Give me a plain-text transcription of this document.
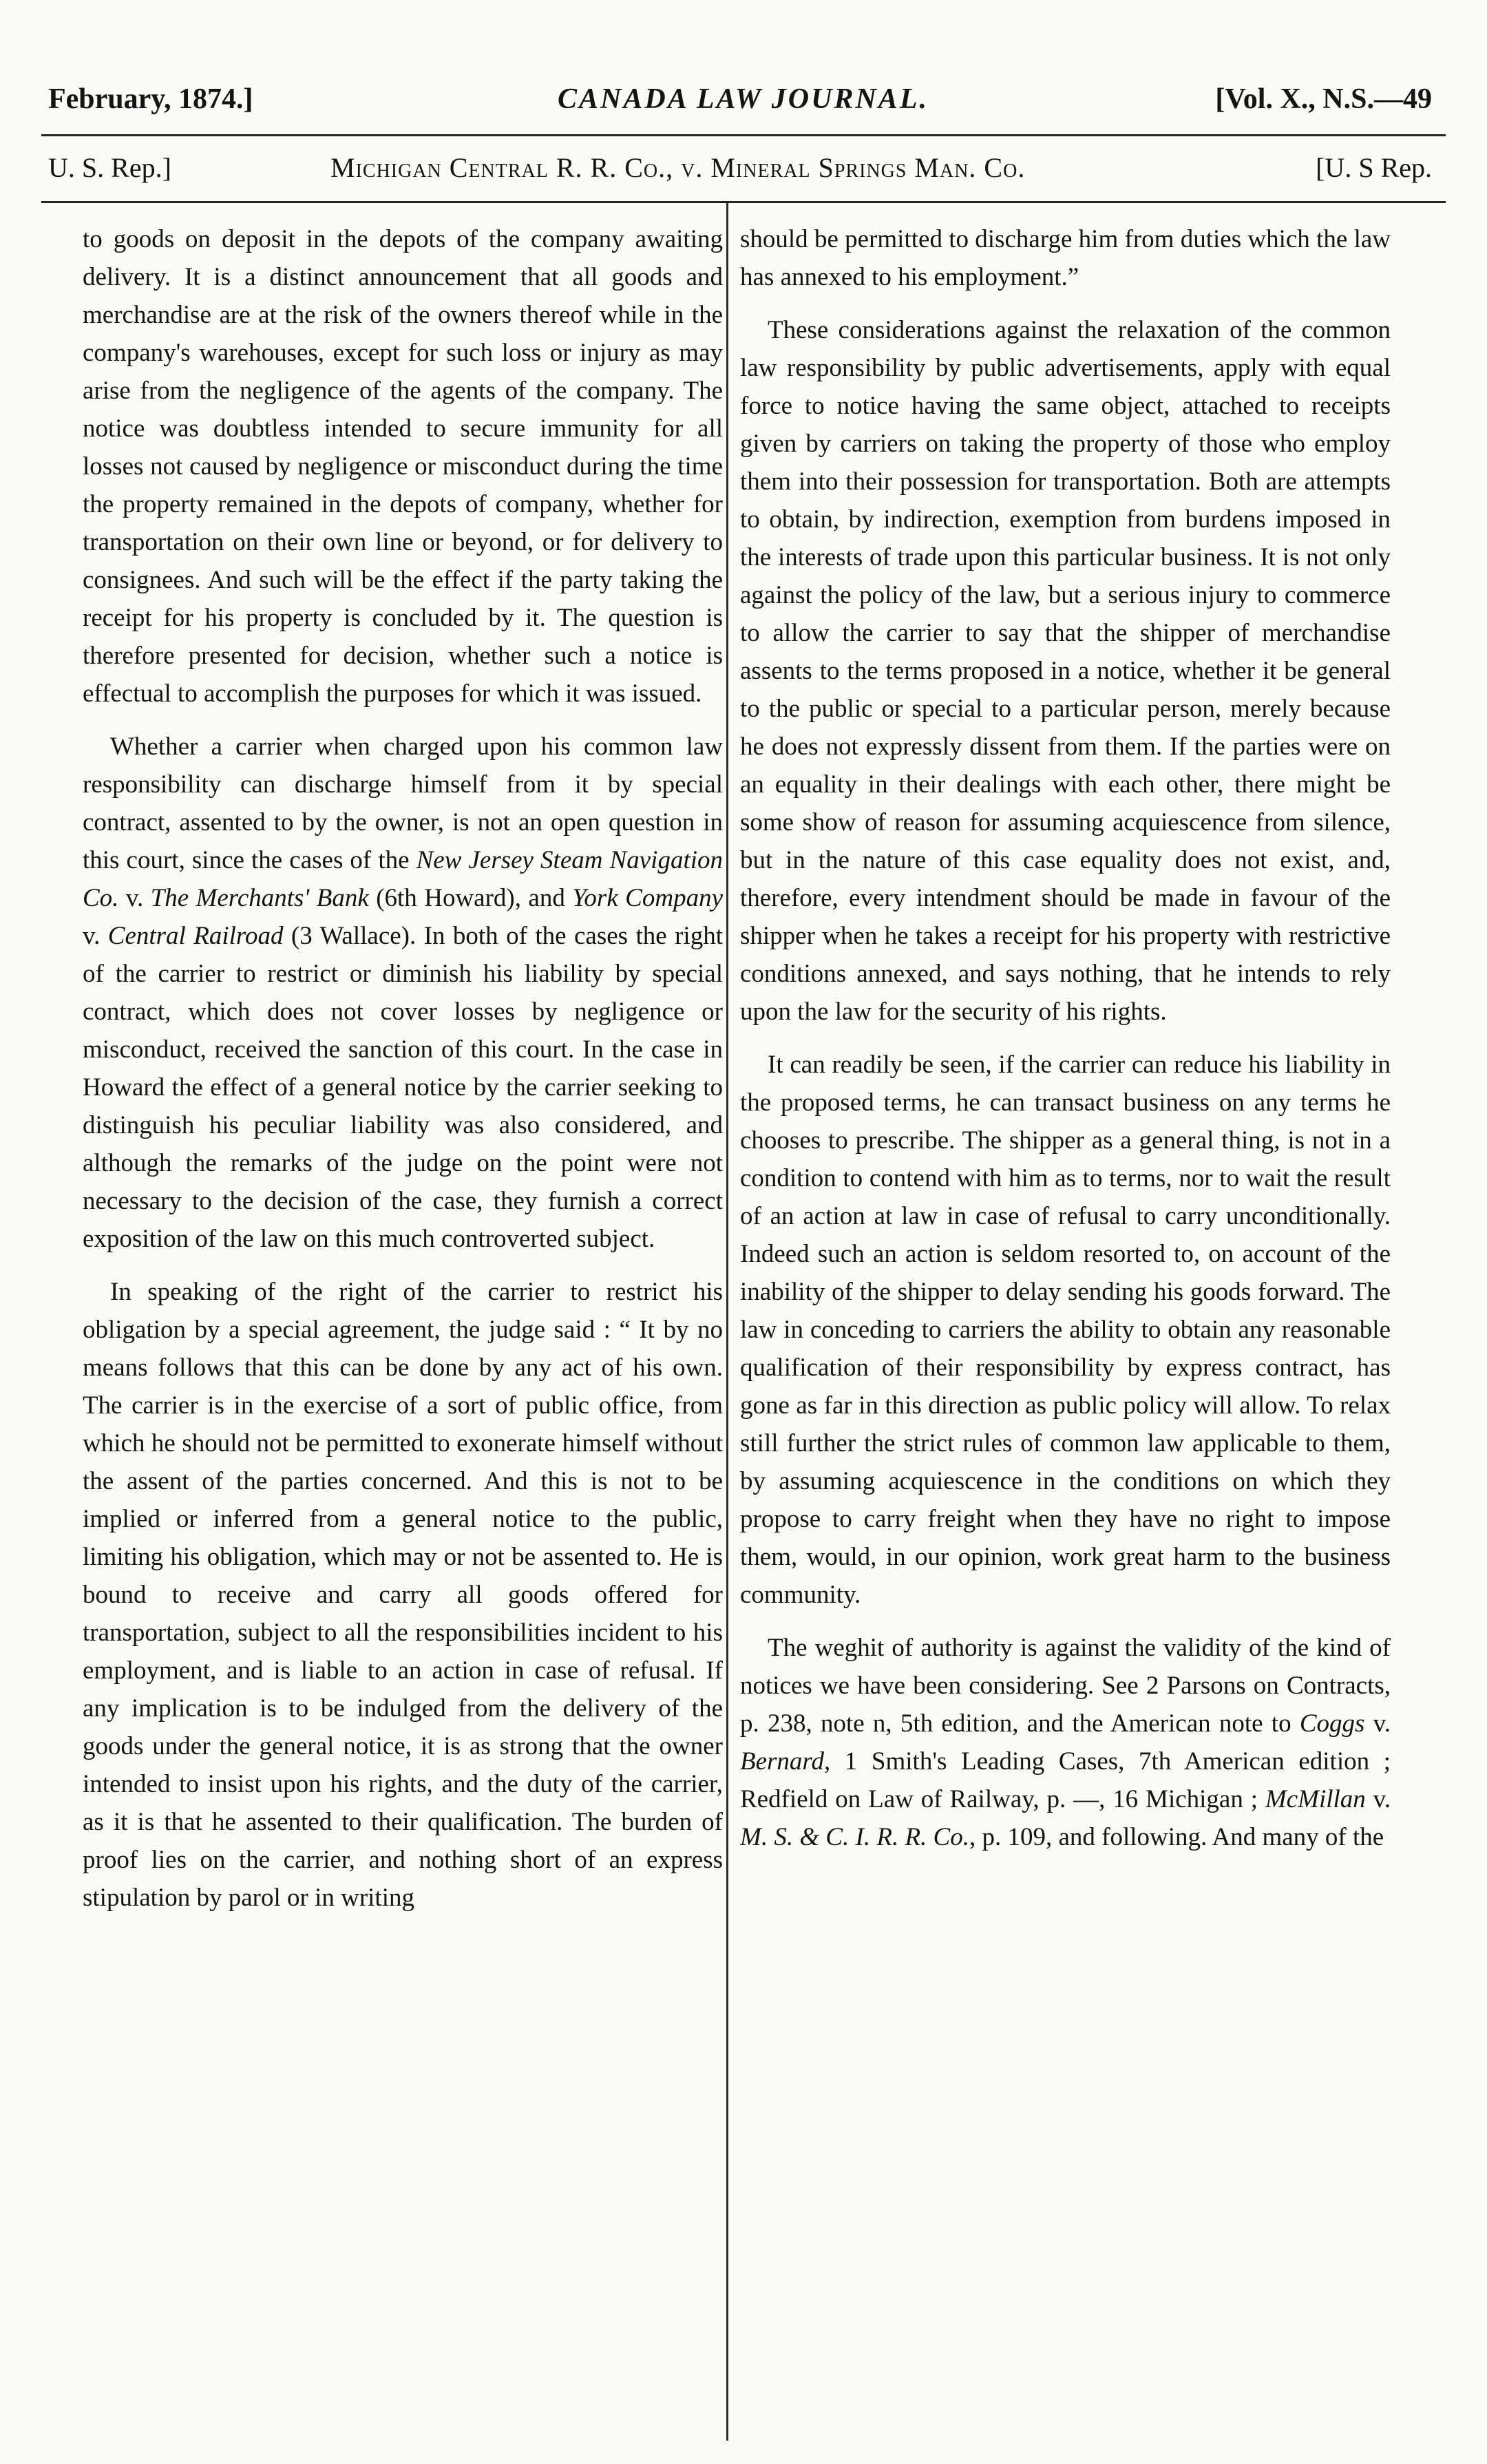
February, 1874.]	CANADA LAW JOURNAL.	[Vol. X., N.S.—49
U. S. Rep.]	Michigan Central R. R. Co., v. Mineral Springs Man. Co.	[U. S Rep.

to goods on deposit in the depots of the company awaiting delivery. It is a distinct announcement that all goods and merchandise are at the risk of the owners thereof while in the company's warehouses, except for such loss or injury as may arise from the negligence of the agents of the company. The notice was doubtless intended to secure immunity for all losses not caused by negligence or misconduct during the time the property remained in the depots of company, whether for transportation on their own line or beyond, or for delivery to consignees. And such will be the effect if the party taking the receipt for his property is concluded by it. The question is therefore presented for decision, whether such a notice is effectual to accomplish the purposes for which it was issued.

Whether a carrier when charged upon his common law responsibility can discharge himself from it by special contract, assented to by the owner, is not an open question in this court, since the cases of the New Jersey Steam Navigation Co. v. The Merchants' Bank (6th Howard), and York Company v. Central Railroad (3 Wallace). In both of the cases the right of the carrier to restrict or diminish his liability by special contract, which does not cover losses by negligence or misconduct, received the sanction of this court. In the case in Howard the effect of a general notice by the carrier seeking to distinguish his peculiar liability was also considered, and although the remarks of the judge on the point were not necessary to the decision of the case, they furnish a correct exposition of the law on this much controverted subject.

In speaking of the right of the carrier to restrict his obligation by a special agreement, the judge said : “ It by no means follows that this can be done by any act of his own. The carrier is in the exercise of a sort of public office, from which he should not be permitted to exonerate himself without the assent of the parties concerned. And this is not to be implied or inferred from a general notice to the public, limiting his obligation, which may or not be assented to. He is bound to receive and carry all goods offered for transportation, subject to all the responsibilities incident to his employment, and is liable to an action in case of refusal. If any implication is to be indulged from the delivery of the goods under the general notice, it is as strong that the owner intended to insist upon his rights, and the duty of the carrier, as it is that he assented to their qualification. The burden of proof lies on the carrier, and nothing short of an express stipulation by parol or in writing

should be permitted to discharge him from duties which the law has annexed to his employment.”

These considerations against the relaxation of the common law responsibility by public advertisements, apply with equal force to notice having the same object, attached to receipts given by carriers on taking the property of those who employ them into their possession for transportation. Both are attempts to obtain, by indirection, exemption from burdens imposed in the interests of trade upon this particular business. It is not only against the policy of the law, but a serious injury to commerce to allow the carrier to say that the shipper of merchandise assents to the terms proposed in a notice, whether it be general to the public or special to a particular person, merely because he does not expressly dissent from them. If the parties were on an equality in their dealings with each other, there might be some show of reason for assuming acquiescence from silence, but in the nature of this case equality does not exist, and, therefore, every intendment should be made in favour of the shipper when he takes a receipt for his property with restrictive conditions annexed, and says nothing, that he intends to rely upon the law for the security of his rights.

It can readily be seen, if the carrier can reduce his liability in the proposed terms, he can transact business on any terms he chooses to prescribe. The shipper as a general thing, is not in a condition to contend with him as to terms, nor to wait the result of an action at law in case of refusal to carry unconditionally. Indeed such an action is seldom resorted to, on account of the inability of the shipper to delay sending his goods forward. The law in conceding to carriers the ability to obtain any reasonable qualification of their responsibility by express contract, has gone as far in this direction as public policy will allow. To relax still further the strict rules of common law applicable to them, by assuming acquiescence in the conditions on which they propose to carry freight when they have no right to impose them, would, in our opinion, work great harm to the business community.

The weghit of authority is against the validity of the kind of notices we have been considering. See 2 Parsons on Contracts, p. 238, note n, 5th edition, and the American note to Coggs v. Bernard, 1 Smith's Leading Cases, 7th American edition ; Redfield on Law of Railway, p. —, 16 Michigan ; McMillan v. M. S. & C. I. R. R. Co., p. 109, and following. And many of the
